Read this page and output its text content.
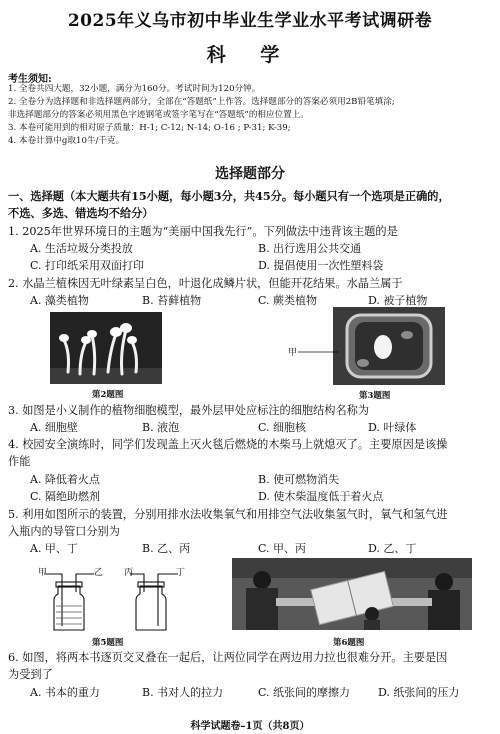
2025年义乌市初中毕业生学业水平考试调研卷
科 学
考生须知:
1. 全卷共四大题，32小题，满分为160分。考试时间为120分钟。
2. 全卷分为选择题和非选择题两部分，全部在“答题纸”上作答。选择题部分的答案必须用2B铅笔填涂;
非选择题部分的答案必须用黑色字迹钢笔或签字笔写在“答题纸”的相应位置上。
3. 本卷可能用到的相对原子质量：H-1; C-12; N-14; O-16 ; P-31; K-39;
4. 本卷计算中g取10牛/千克。
选择题部分
一、选择题（本大题共有15小题，每小题3分，共45分。每小题只有一个选项是正确的，
不选、多选、错选均不给分）
1. 2025年世界环境日的主题为“美丽中国我先行”。下列做法中违背该主题的是
A. 生活垃圾分类投放	B. 出行选用公共交通
C. 打印纸采用双面打印	D. 提倡使用一次性塑料袋
2. 水晶兰植株因无叶绿素呈白色，叶退化成鳞片状，但能开花结果。水晶兰属于
A. 藻类植物	B. 苔藓植物	C. 蕨类植物	D. 被子植物
第2题图
甲
第3题图
3. 如图是小义制作的植物细胞模型，最外层甲处应标注的细胞结构名称为
A. 细胞壁	B. 液泡	C. 细胞核	D. 叶绿体
4. 校园安全演练时，同学们发现盖上灭火毯后燃烧的木柴马上就熄灭了。主要原因是该操
作能
A. 降低着火点	B. 使可燃物消失
C. 隔绝助燃剂	D. 使木柴温度低于着火点
5. 利用如图所示的装置，分别用排水法收集氧气和用排空气法收集氢气时，氧气和氢气进
入瓶内的导管口分别为
A. 甲、丁	B. 乙、丙	C. 甲、丙	D. 乙、丁
甲	乙 丙	丁
第5题图	第6题图
6. 如图，将两本书逐页交叉叠在一起后，让两位同学在两边用力拉也很难分开。主要是因
为受到了
A. 书本的重力	B. 书对人的拉力	C. 纸张间的摩擦力	D. 纸张间的压力
科学试题卷–1页（共8页）
